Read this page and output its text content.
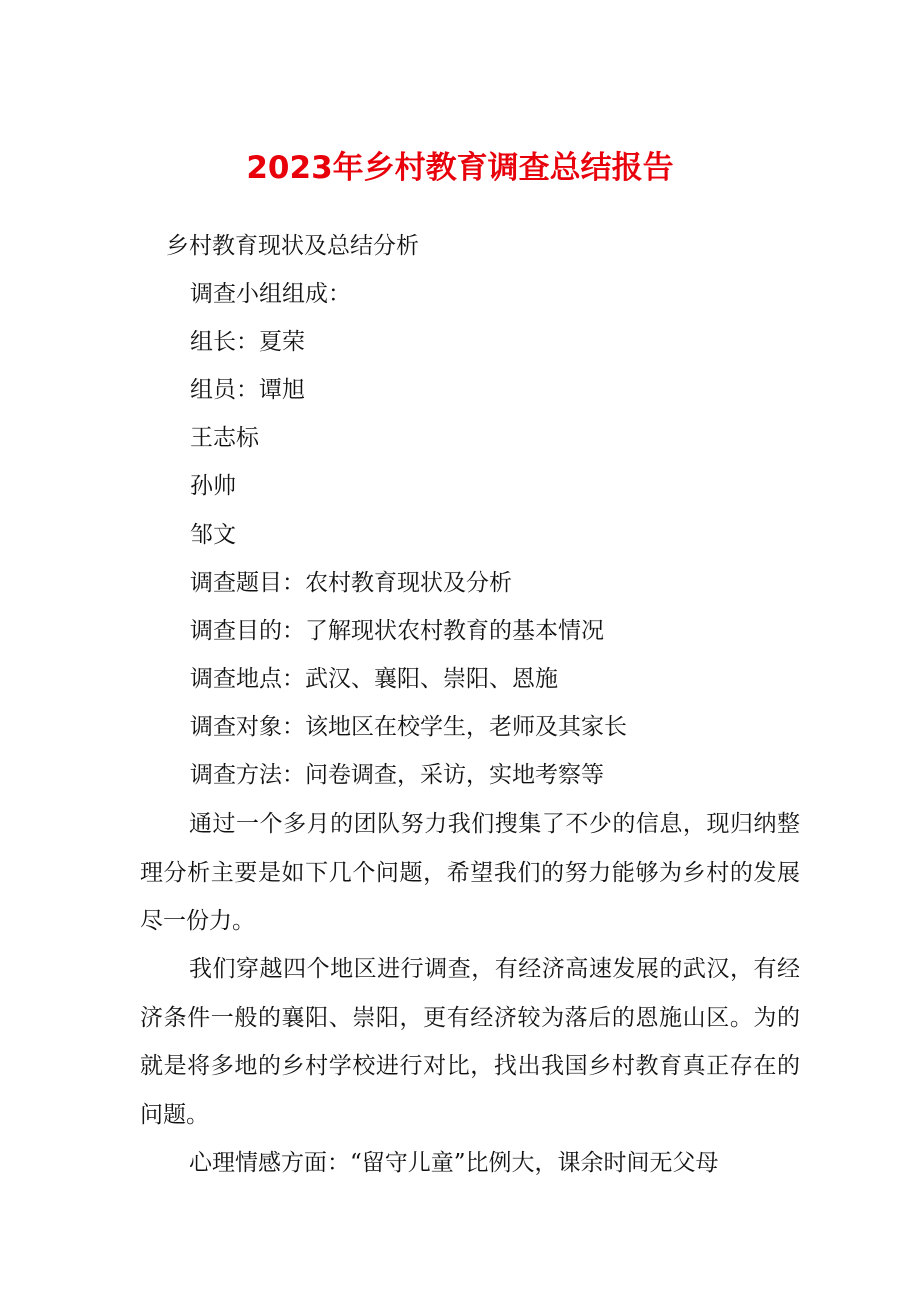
2023年乡村教育调查总结报告

乡村教育现状及总结分析

调查小组组成：

组长：夏荣

组员：谭旭

王志标

孙帅

邹文

调查题目：农村教育现状及分析

调查目的：了解现状农村教育的基本情况

调查地点：武汉、襄阳、崇阳、恩施

调查对象：该地区在校学生，老师及其家长

调查方法：问卷调查，采访，实地考察等

通过一个多月的团队努力我们搜集了不少的信息，现归纳整理分析主要是如下几个问题，希望我们的努力能够为乡村的发展尽一份力。

我们穿越四个地区进行调查，有经济高速发展的武汉，有经济条件一般的襄阳、崇阳，更有经济较为落后的恩施山区。为的就是将多地的乡村学校进行对比，找出我国乡村教育真正存在的问题。

心理情感方面：“留守儿童”比例大，课余时间无父母
